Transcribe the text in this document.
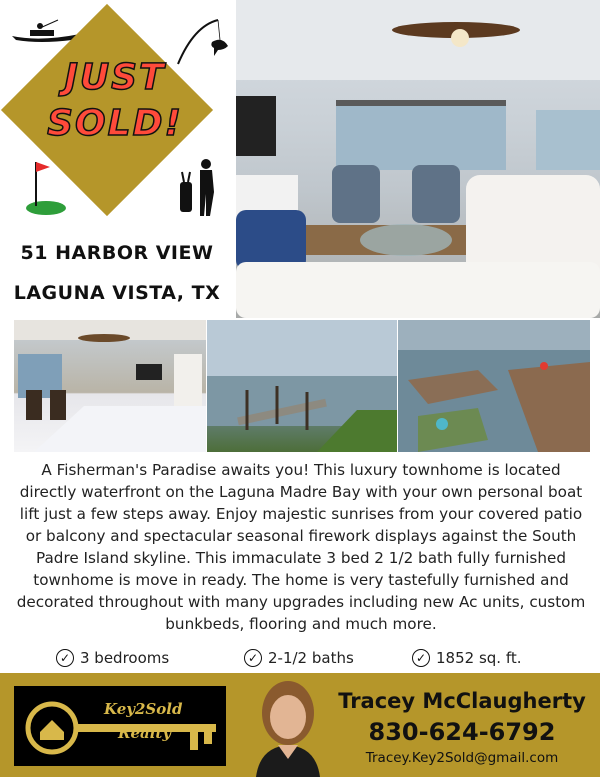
JUST
SOLD!
51 HARBOR VIEW
LAGUNA VISTA, TX
A Fisherman's Paradise awaits you! This luxury townhome is located directly waterfront on the Laguna Madre Bay with your own personal boat lift just a few steps away. Enjoy majestic sunrises from your covered patio or balcony and spectacular seasonal firework displays against the South Padre Island skyline. This immaculate 3 bed 2 1/2 bath fully furnished townhome is move in ready. The home is very tastefully furnished and decorated throughout with many upgrades including new Ac units, custom bunkbeds, flooring and much more.
✓ 3 bedrooms	✓ 2-1/2 baths	✓ 1852 sq. ft.
Key2Sold
Realty
Tracey McClaugherty
830-624-6792
Tracey.Key2Sold@gmail.com
